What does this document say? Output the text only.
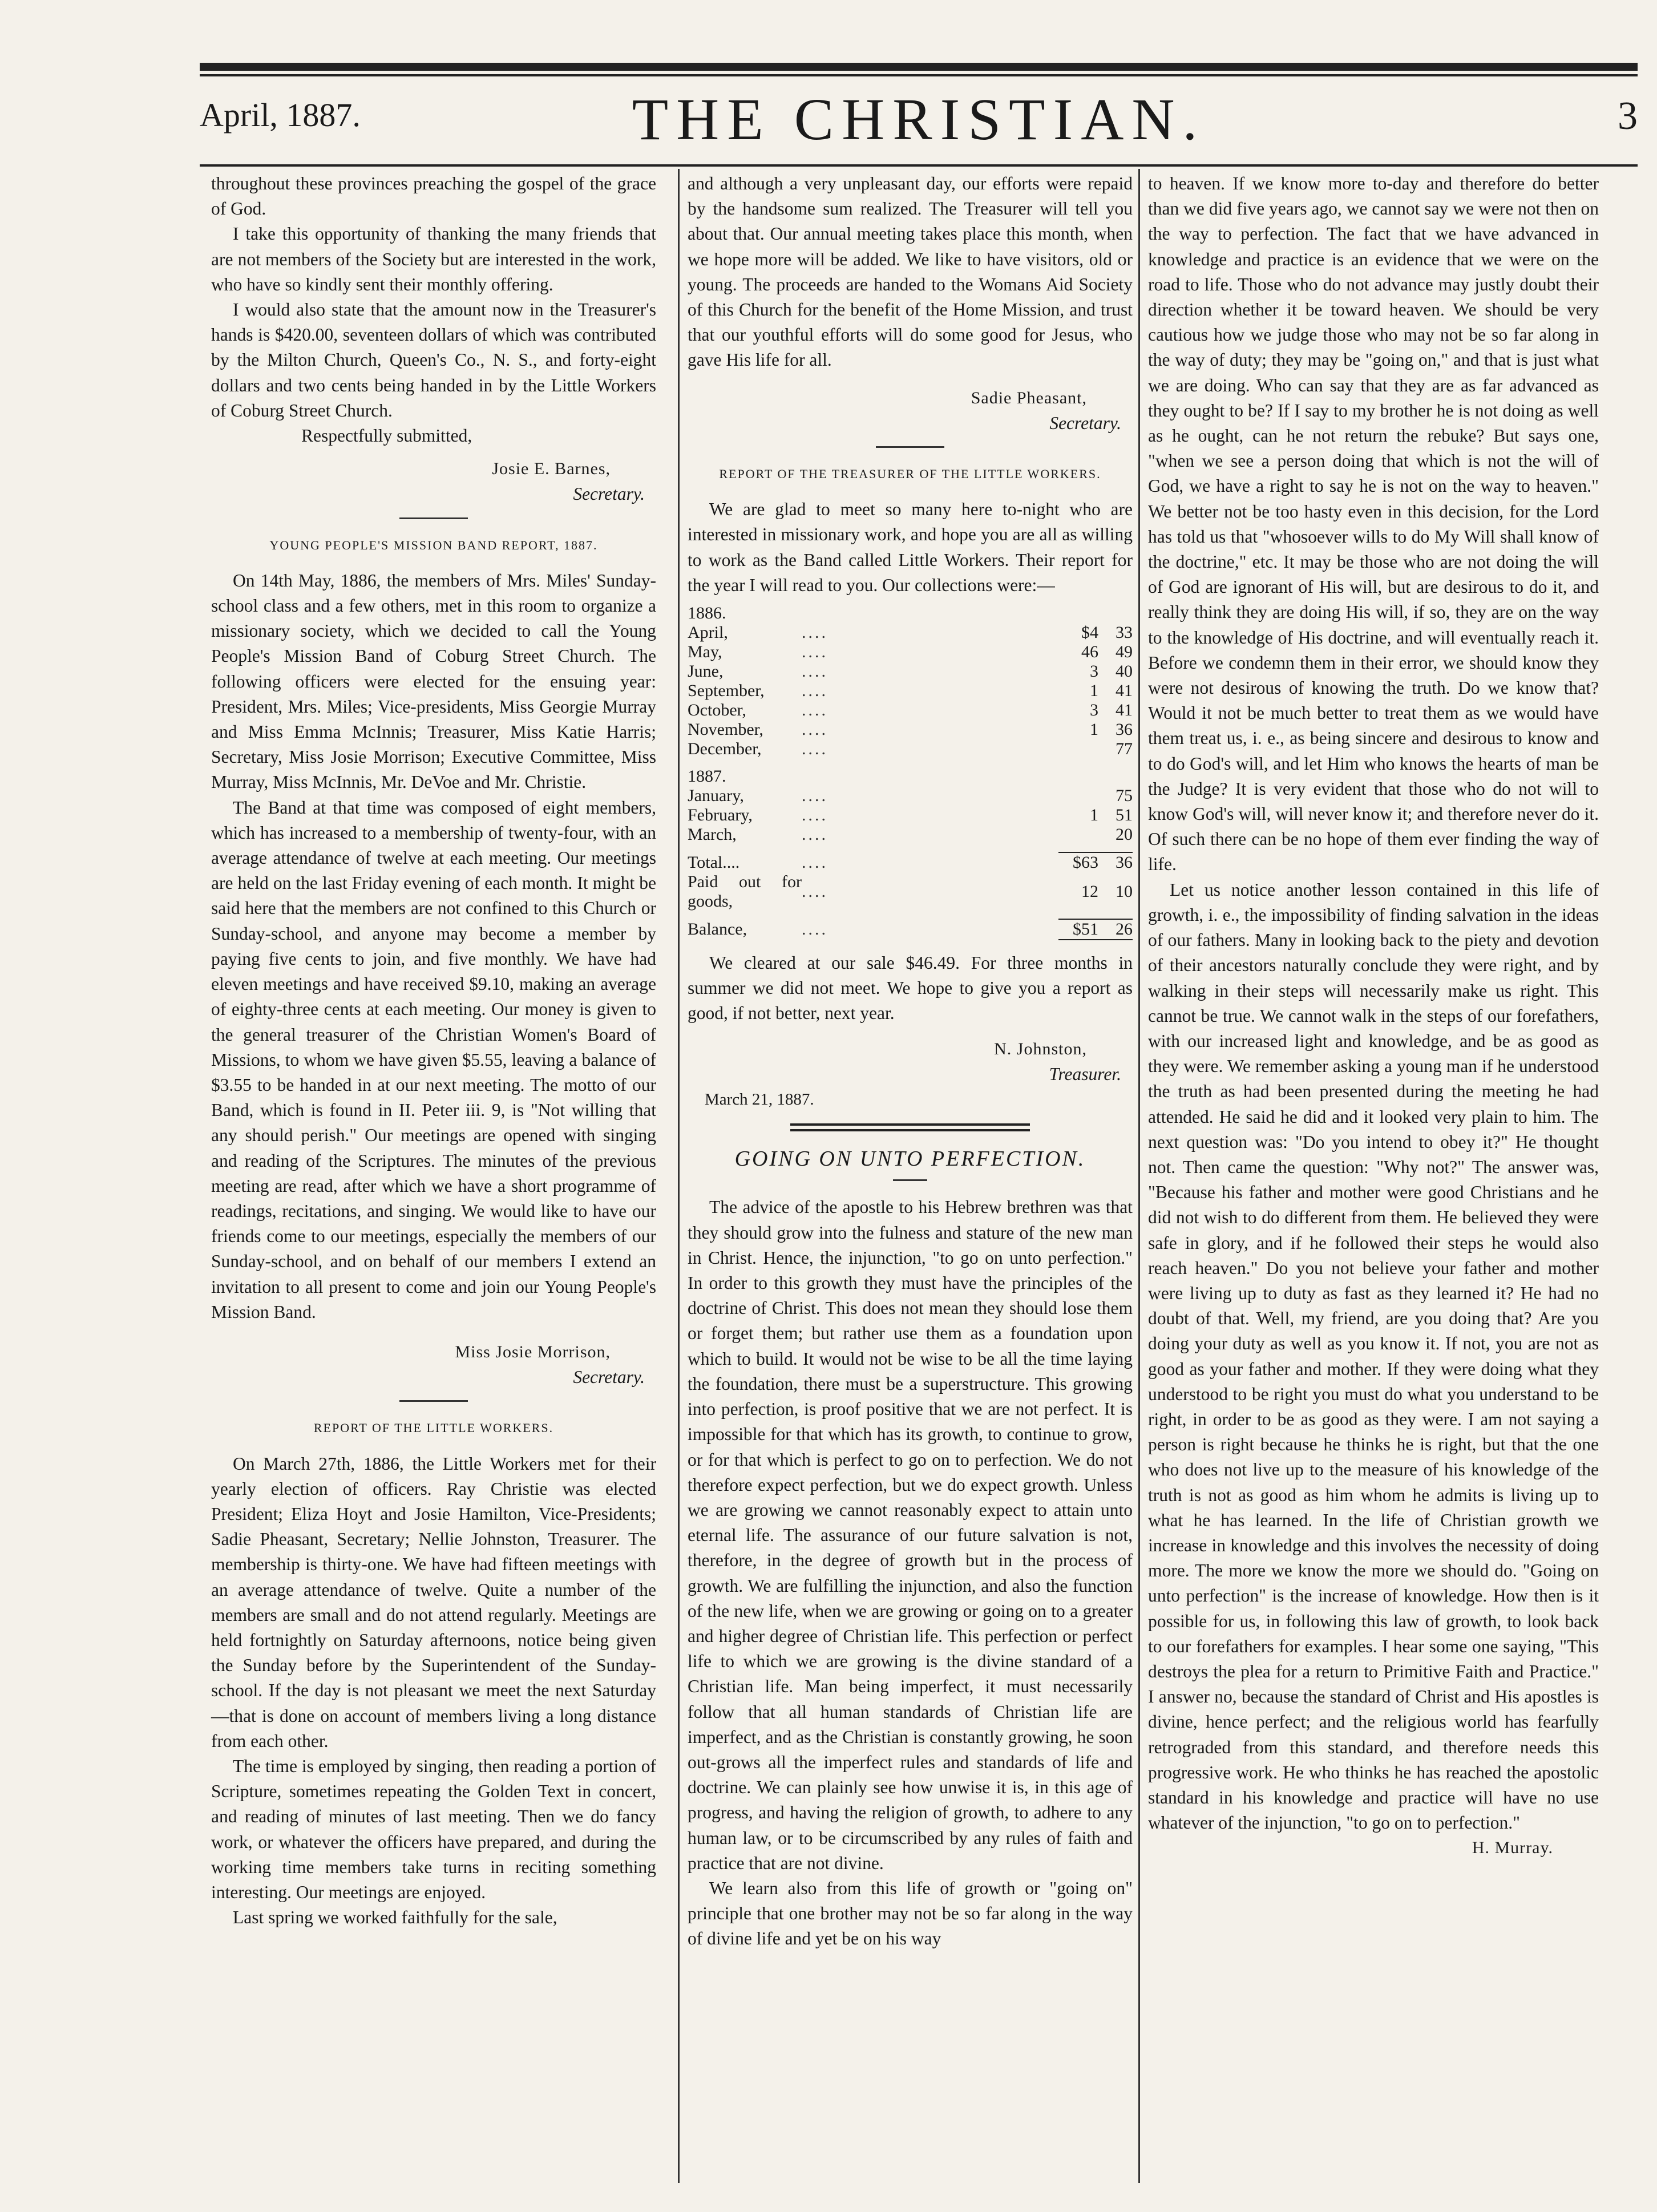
April, 1887.	THE CHRISTIAN.	3

throughout these provinces preaching the gospel of the grace of God.

I take this opportunity of thanking the many friends that are not members of the Society but are interested in the work, who have so kindly sent their monthly offering.

I would also state that the amount now in the Treasurer's hands is $420.00, seventeen dollars of which was contributed by the Milton Church, Queen's Co., N. S., and forty-eight dollars and two cents being handed in by the Little Workers of Coburg Street Church.

Respectfully submitted,

Josie E. Barnes,
Secretary.
YOUNG PEOPLE'S MISSION BAND REPORT, 1887.

On 14th May, 1886, the members of Mrs. Miles' Sunday-school class and a few others, met in this room to organize a missionary society, which we decided to call the Young People's Mission Band of Coburg Street Church. The following officers were elected for the ensuing year: President, Mrs. Miles; Vice-presidents, Miss Georgie Murray and Miss Emma McInnis; Treasurer, Miss Katie Harris; Secretary, Miss Josie Morrison; Executive Committee, Miss Murray, Miss McInnis, Mr. DeVoe and Mr. Christie.

The Band at that time was composed of eight members, which has increased to a membership of twenty-four, with an average attendance of twelve at each meeting. Our meetings are held on the last Friday evening of each month. It might be said here that the members are not confined to this Church or Sunday-school, and anyone may become a member by paying five cents to join, and five monthly. We have had eleven meetings and have received $9.10, making an average of eighty-three cents at each meeting. Our money is given to the general treasurer of the Christian Women's Board of Missions, to whom we have given $5.55, leaving a balance of $3.55 to be handed in at our next meeting. The motto of our Band, which is found in II. Peter iii. 9, is "Not willing that any should perish." Our meetings are opened with singing and reading of the Scriptures. The minutes of the previous meeting are read, after which we have a short programme of readings, recitations, and singing. We would like to have our friends come to our meetings, especially the members of our Sunday-school, and on behalf of our members I extend an invitation to all present to come and join our Young People's Mission Band.

Miss Josie Morrison,
Secretary.
REPORT OF THE LITTLE WORKERS.

On March 27th, 1886, the Little Workers met for their yearly election of officers. Ray Christie was elected President; Eliza Hoyt and Josie Hamilton, Vice-Presidents; Sadie Pheasant, Secretary; Nellie Johnston, Treasurer. The membership is thirty-one. We have had fifteen meetings with an average attendance of twelve. Quite a number of the members are small and do not attend regularly. Meetings are held fortnightly on Saturday afternoons, notice being given the Sunday before by the Superintendent of the Sunday-school. If the day is not pleasant we meet the next Saturday—that is done on account of members living a long distance from each other.

The time is employed by singing, then reading a portion of Scripture, sometimes repeating the Golden Text in concert, and reading of minutes of last meeting. Then we do fancy work, or whatever the officers have prepared, and during the working time members take turns in reciting something interesting. Our meetings are enjoyed.

Last spring we worked faithfully for the sale,

and although a very unpleasant day, our efforts were repaid by the handsome sum realized. The Treasurer will tell you about that. Our annual meeting takes place this month, when we hope more will be added. We like to have visitors, old or young. The proceeds are handed to the Womans Aid Society of this Church for the benefit of the Home Mission, and trust that our youthful efforts will do some good for Jesus, who gave His life for all.

Sadie Pheasant,
Secretary.
REPORT OF THE TREASURER OF THE LITTLE WORKERS.

We are glad to meet so many here to-night who are interested in missionary work, and hope you are all as willing to work as the Band called Little Workers. Their report for the year I will read to you. Our collections were:—

1886.			
April,	....	$4	33
May,	....	46	49
June,	....	3	40
September,	....	1	41
October,	....	3	41
November,	....	1	36
December,	....		77

1887.			
January,	....		75
February,	....	1	51
March,	....		20

Total....	....	$63	36
Paid out for goods,	....	12	10

Balance,	....	$51	26

We cleared at our sale $46.49. For three months in summer we did not meet. We hope to give you a report as good, if not better, next year.

N. Johnston,
Treasurer.
March 21, 1887.
GOING ON UNTO PERFECTION.

The advice of the apostle to his Hebrew brethren was that they should grow into the fulness and stature of the new man in Christ. Hence, the injunction, "to go on unto perfection." In order to this growth they must have the principles of the doctrine of Christ. This does not mean they should lose them or forget them; but rather use them as a foundation upon which to build. It would not be wise to be all the time laying the foundation, there must be a superstructure. This growing into perfection, is proof positive that we are not perfect. It is impossible for that which has its growth, to continue to grow, or for that which is perfect to go on to perfection. We do not therefore expect perfection, but we do expect growth. Unless we are growing we cannot reasonably expect to attain unto eternal life. The assurance of our future salvation is not, therefore, in the degree of growth but in the process of growth. We are fulfilling the injunction, and also the function of the new life, when we are growing or going on to a greater and higher degree of Christian life. This perfection or perfect life to which we are growing is the divine standard of a Christian life. Man being imperfect, it must necessarily follow that all human standards of Christian life are imperfect, and as the Christian is constantly growing, he soon out-grows all the imperfect rules and standards of life and doctrine. We can plainly see how unwise it is, in this age of progress, and having the religion of growth, to adhere to any human law, or to be circumscribed by any rules of faith and practice that are not divine.

We learn also from this life of growth or "going on" principle that one brother may not be so far along in the way of divine life and yet be on his way

to heaven. If we know more to-day and therefore do better than we did five years ago, we cannot say we were not then on the way to perfection. The fact that we have advanced in knowledge and practice is an evidence that we were on the road to life. Those who do not advance may justly doubt their direction whether it be toward heaven. We should be very cautious how we judge those who may not be so far along in the way of duty; they may be "going on," and that is just what we are doing. Who can say that they are as far advanced as they ought to be? If I say to my brother he is not doing as well as he ought, can he not return the rebuke? But says one, "when we see a person doing that which is not the will of God, we have a right to say he is not on the way to heaven." We better not be too hasty even in this decision, for the Lord has told us that "whosoever wills to do My Will shall know of the doctrine," etc. It may be those who are not doing the will of God are ignorant of His will, but are desirous to do it, and really think they are doing His will, if so, they are on the way to the knowledge of His doctrine, and will eventually reach it. Before we condemn them in their error, we should know they were not desirous of knowing the truth. Do we know that? Would it not be much better to treat them as we would have them treat us, i. e., as being sincere and desirous to know and to do God's will, and let Him who knows the hearts of man be the Judge? It is very evident that those who do not will to know God's will, will never know it; and therefore never do it. Of such there can be no hope of them ever finding the way of life.

Let us notice another lesson contained in this life of growth, i. e., the impossibility of finding salvation in the ideas of our fathers. Many in looking back to the piety and devotion of their ancestors naturally conclude they were right, and by walking in their steps will necessarily make us right. This cannot be true. We cannot walk in the steps of our forefathers, with our increased light and knowledge, and be as good as they were. We remember asking a young man if he understood the truth as had been presented during the meeting he had attended. He said he did and it looked very plain to him. The next question was: "Do you intend to obey it?" He thought not. Then came the question: "Why not?" The answer was, "Because his father and mother were good Christians and he did not wish to do different from them. He believed they were safe in glory, and if he followed their steps he would also reach heaven." Do you not believe your father and mother were living up to duty as fast as they learned it? He had no doubt of that. Well, my friend, are you doing that? Are you doing your duty as well as you know it. If not, you are not as good as your father and mother. If they were doing what they understood to be right you must do what you understand to be right, in order to be as good as they were. I am not saying a person is right because he thinks he is right, but that the one who does not live up to the measure of his knowledge of the truth is not as good as him whom he admits is living up to what he has learned. In the life of Christian growth we increase in knowledge and this involves the necessity of doing more. The more we know the more we should do. "Going on unto perfection" is the increase of knowledge. How then is it possible for us, in following this law of growth, to look back to our forefathers for examples. I hear some one saying, "This destroys the plea for a return to Primitive Faith and Practice." I answer no, because the standard of Christ and His apostles is divine, hence perfect; and the religious world has fearfully retrograded from this standard, and therefore needs this progressive work. He who thinks he has reached the apostolic standard in his knowledge and practice will have no use whatever of the injunction, "to go on to perfection."

H. Murray.
